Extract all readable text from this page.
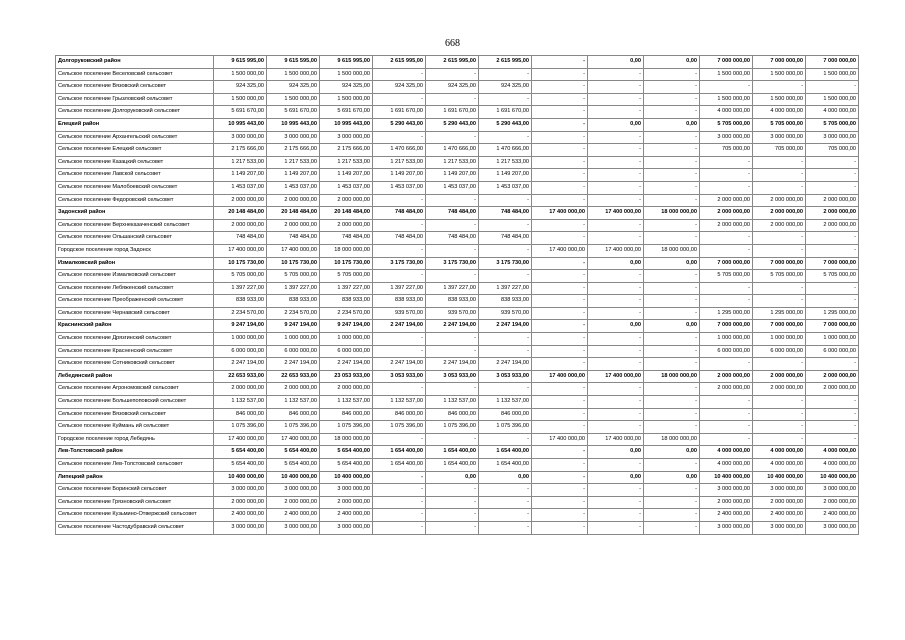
668
Долгоруковский район	9 615 995,00	9 615 595,00	9 615 995,00	2 615 995,00	2 615 995,00	2 615 995,00	-	0,00	0,00	7 000 000,00	7 000 000,00	7 000 000,00
Сельское поселение Веселовский сельсовет	1 500 000,00	1 500 000,00	1 500 000,00	-	-	-	-	-	-	1 500 000,00	1 500 000,00	1 500 000,00
Сельское поселение Вязовский сельсовет	924 325,00	924 325,00	924 325,00	924 325,00	924 325,00	924 325,00	-	-	-	-	-	-
Сельское поселение Грызловский сельсовет	1 500 000,00	1 500 000,00	1 500 000,00	-	-	-	-	-	-	1 500 000,00	1 500 000,00	1 500 000,00
Сельское поселение Долгоруковский сельсовет	5 691 670,00	5 691 670,00	5 691 670,00	1 691 670,00	1 691 670,00	1 691 670,00	-	-	-	4 000 000,00	4 000 000,00	4 000 000,00
Елецкий район	10 995 443,00	10 995 443,00	10 995 443,00	5 290 443,00	5 290 443,00	5 290 443,00	-	0,00	0,00	5 705 000,00	5 705 000,00	5 705 000,00
Сельское поселение Архангельский сельсовет	3 000 000,00	3 000 000,00	3 000 000,00	-	-	-	-	-	-	3 000 000,00	3 000 000,00	3 000 000,00
Сельское поселение Елецкий сельсовет	2 175 666,00	2 175 666,00	2 175 666,00	1 470 666,00	1 470 666,00	1 470 666,00	-	-	-	705 000,00	705 000,00	705 000,00
Сельское поселение Казацкий сельсовет	1 217 533,00	1 217 533,00	1 217 533,00	1 217 533,00	1 217 533,00	1 217 533,00	-	-	-	-	-	-
Сельское поселение Лавской сельсовет	1 149 207,00	1 149 207,00	1 149 207,00	1 149 207,00	1 149 207,00	1 149 207,00	-	-	-	-	-	-
Сельское поселение Малобоевский сельсовет	1 453 037,00	1 453 037,00	1 453 037,00	1 453 037,00	1 453 037,00	1 453 037,00	-	-	-	-	-	-
Сельское поселение Федоровский сельсовет	2 000 000,00	2 000 000,00	2 000 000,00	-	-	-	-	-	-	2 000 000,00	2 000 000,00	2 000 000,00
Задонский район	20 148 484,00	20 148 484,00	20 148 484,00	748 484,00	748 484,00	748 484,00	17 400 000,00	17 400 000,00	18 000 000,00	2 000 000,00	2 000 000,00	2 000 000,00
Сельское поселение Верхнеказаченский сельсовет	2 000 000,00	2 000 000,00	2 000 000,00	-	-	-	-	-	-	2 000 000,00	2 000 000,00	2 000 000,00
Сельское поселение Ольшанский сельсовет	748 484,00	748 484,00	748 484,00	748 484,00	748 484,00	748 484,00	-	-	-	-	-	-
Городское поселение город Задонск	17 400 000,00	17 400 000,00	18 000 000,00	-	-	-	17 400 000,00	17 400 000,00	18 000 000,00	-	-	-
Измалковский район	10 175 730,00	10 175 730,00	10 175 730,00	3 175 730,00	3 175 730,00	3 175 730,00	-	0,00	0,00	7 000 000,00	7 000 000,00	7 000 000,00
Сельское поселение Измалковский сельсовет	5 705 000,00	5 705 000,00	5 705 000,00	-	-	-	-	-	-	5 705 000,00	5 705 000,00	5 705 000,00
Сельское поселение Лебяженский сельсовет	1 397 227,00	1 397 227,00	1 397 227,00	1 397 227,00	1 397 227,00	1 397 227,00	-	-	-	-	-	-
Сельское поселение Преображенский сельсовет	838 933,00	838 933,00	838 933,00	838 933,00	838 933,00	838 933,00	-	-	-	-	-	-
Сельское поселение Чернавский сельсовет	2 234 570,00	2 234 570,00	2 234 570,00	939 570,00	939 570,00	939 570,00	-	-	-	1 295 000,00	1 295 000,00	1 295 000,00
Краснинский район	9 247 194,00	9 247 194,00	9 247 194,00	2 247 194,00	2 247 194,00	2 247 194,00	-	0,00	0,00	7 000 000,00	7 000 000,00	7 000 000,00
Сельское поселение Дрязгинский сельсовет	1 000 000,00	1 000 000,00	1 000 000,00	-	-	-	-	-	-	1 000 000,00	1 000 000,00	1 000 000,00
Сельское поселение Красненский сельсовет	6 000 000,00	6 000 000,00	6 000 000,00	-	-	-	-	-	-	6 000 000,00	6 000 000,00	6 000 000,00
Сельское поселение Сотниковский сельсовет	2 247 194,00	2 247 194,00	2 247 194,00	2 247 194,00	2 247 194,00	2 247 194,00	-	-	-	-	-	-
Лебедянский район	22 653 933,00	22 653 933,00	23 053 933,00	3 053 933,00	3 053 933,00	3 053 933,00	17 400 000,00	17 400 000,00	18 000 000,00	2 000 000,00	2 000 000,00	2 000 000,00
Сельское поселение Агрономовский сельсовет	2 000 000,00	2 000 000,00	2 000 000,00	-	-	-	-	-	-	2 000 000,00	2 000 000,00	2 000 000,00
Сельское поселение Большепоповский сельсовет	1 132 537,00	1 132 537,00	1 132 537,00	1 132 537,00	1 132 537,00	1 132 537,00	-	-	-	-	-	-
Сельское поселение Вязовский сельсовет	846 000,00	846 000,00	846 000,00	846 000,00	846 000,00	846 000,00	-	-	-	-	-	-
Сельское поселение Куймань ий сельсовет	1 075 396,00	1 075 396,00	1 075 396,00	1 075 396,00	1 075 396,00	1 075 396,00	-	-	-	-	-	-
Городское поселение город Лебедянь	17 400 000,00	17 400 000,00	18 000 000,00	-	-	-	17 400 000,00	17 400 000,00	18 000 000,00	-	-	-
Лев-Толстовский район	5 654 400,00	5 654 400,00	5 654 400,00	1 654 400,00	1 654 400,00	1 654 400,00	-	0,00	0,00	4 000 000,00	4 000 000,00	4 000 000,00
Сельское поселение Лев-Толстовский сельсовет	5 654 400,00	5 654 400,00	5 654 400,00	1 654 400,00	1 654 400,00	1 654 400,00	-	-	-	4 000 000,00	4 000 000,00	4 000 000,00
Липецкий район	10 400 000,00	10 400 000,00	10 400 000,00	-	0,00	0,00	-	0,00	0,00	10 400 000,00	10 400 000,00	10 400 000,00
Сельское поселение Боринский сельсовет	3 000 000,00	3 000 000,00	3 000 000,00	-	-	-	-	-	-	3 000 000,00	3 000 000,00	3 000 000,00
Сельское поселение Грязновский сельсовет	2 000 000,00	2 000 000,00	2 000 000,00	-	-	-	-	-	-	2 000 000,00	2 000 000,00	2 000 000,00
Сельское поселение Кузьмино-Отвержский сельсовет	2 400 000,00	2 400 000,00	2 400 000,00	-	-	-	-	-	-	2 400 000,00	2 400 000,00	2 400 000,00
Сельское поселение Частодубравский сельсовет	3 000 000,00	3 000 000,00	3 000 000,00	-	-	-	-	-	-	3 000 000,00	3 000 000,00	3 000 000,00
